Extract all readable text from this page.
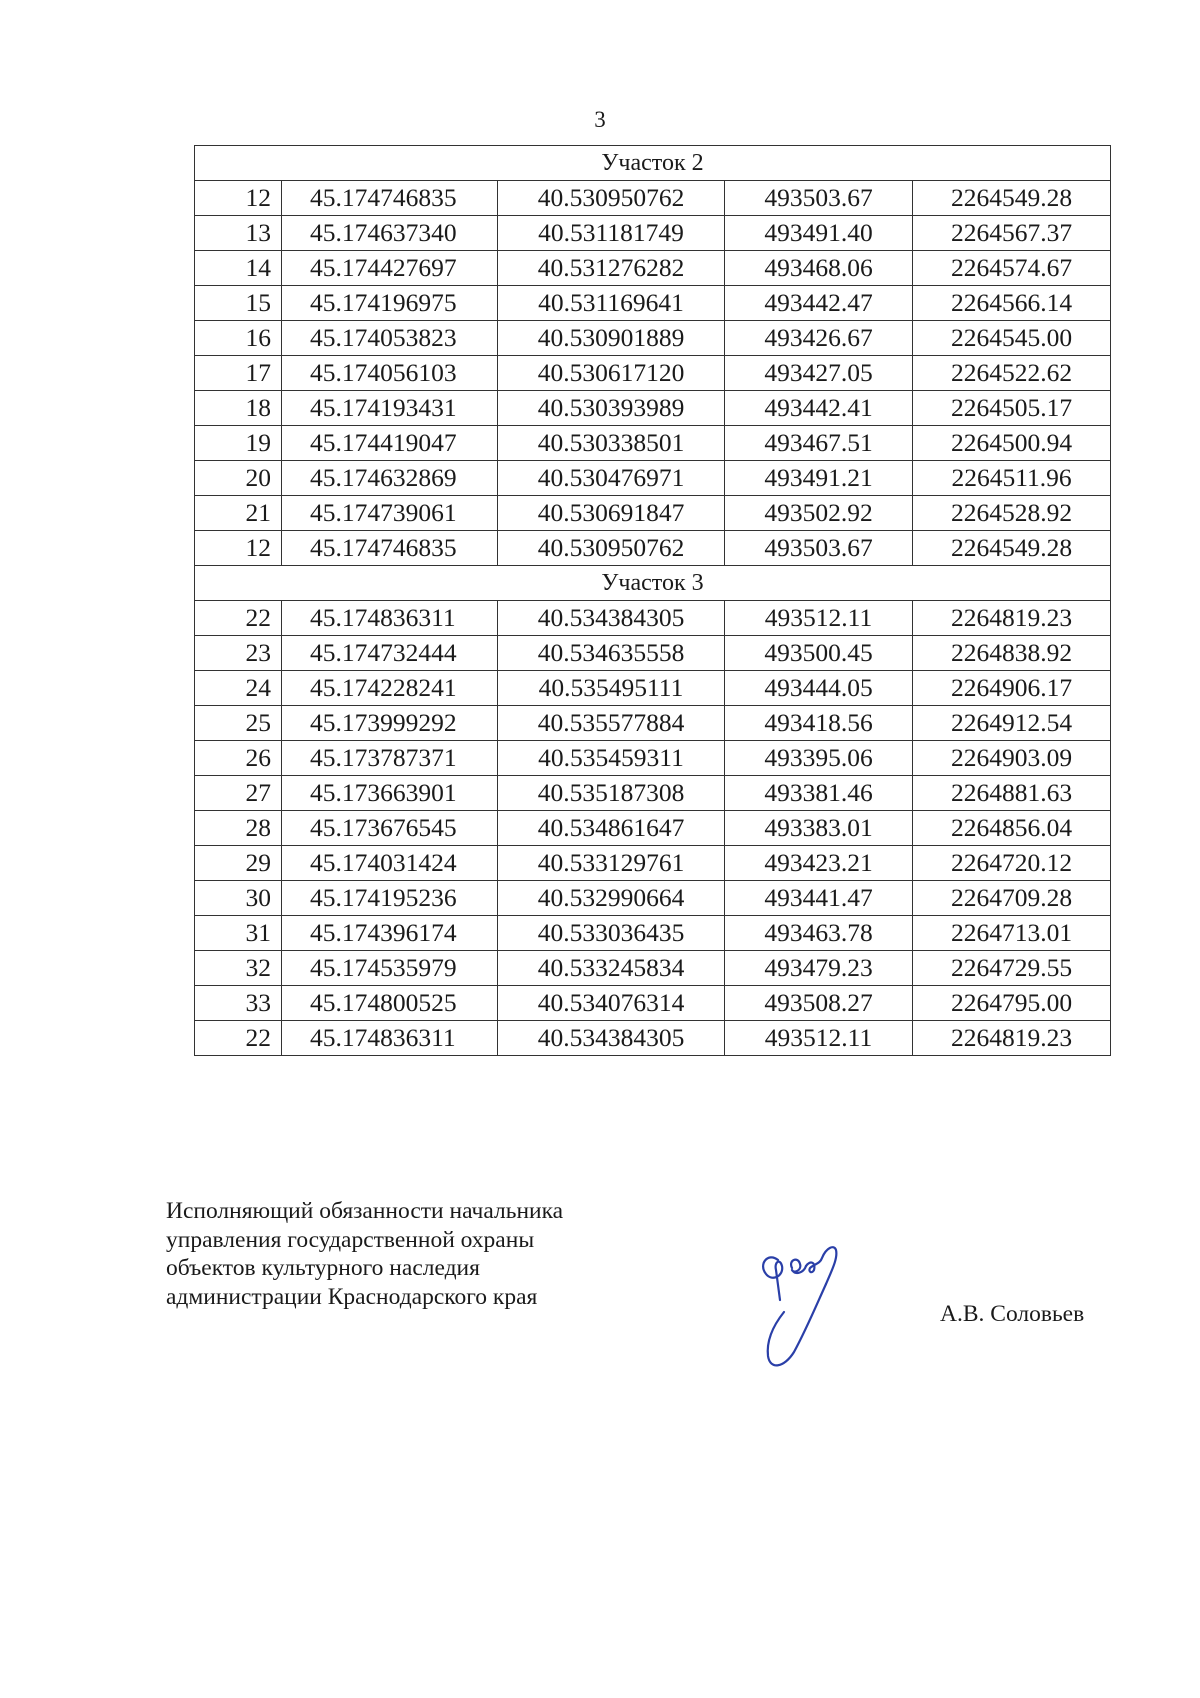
3
Участок 2				
12	45.174746835	40.530950762	493503.67	2264549.28
13	45.174637340	40.531181749	493491.40	2264567.37
14	45.174427697	40.531276282	493468.06	2264574.67
15	45.174196975	40.531169641	493442.47	2264566.14
16	45.174053823	40.530901889	493426.67	2264545.00
17	45.174056103	40.530617120	493427.05	2264522.62
18	45.174193431	40.530393989	493442.41	2264505.17
19	45.174419047	40.530338501	493467.51	2264500.94
20	45.174632869	40.530476971	493491.21	2264511.96
21	45.174739061	40.530691847	493502.92	2264528.92
12	45.174746835	40.530950762	493503.67	2264549.28
Участок 3				
22	45.174836311	40.534384305	493512.11	2264819.23
23	45.174732444	40.534635558	493500.45	2264838.92
24	45.174228241	40.535495111	493444.05	2264906.17
25	45.173999292	40.535577884	493418.56	2264912.54
26	45.173787371	40.535459311	493395.06	2264903.09
27	45.173663901	40.535187308	493381.46	2264881.63
28	45.173676545	40.534861647	493383.01	2264856.04
29	45.174031424	40.533129761	493423.21	2264720.12
30	45.174195236	40.532990664	493441.47	2264709.28
31	45.174396174	40.533036435	493463.78	2264713.01
32	45.174535979	40.533245834	493479.23	2264729.55
33	45.174800525	40.534076314	493508.27	2264795.00
22	45.174836311	40.534384305	493512.11	2264819.23
Исполняющий обязанности начальника
управления государственной охраны
объектов культурного наследия
администрации Краснодарского края
А.В. Соловьев
